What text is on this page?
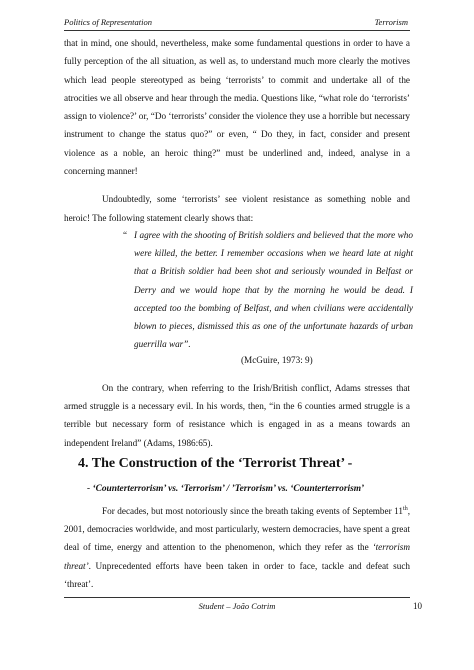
Politics of Representation	Terrorism

that in mind, one should, nevertheless, make some fundamental questions in order to have a fully perception of the all situation, as well as, to understand much more clearly the motives which lead people stereotyped as being ‘terrorists’ to commit and undertake all of the atrocities we all observe and hear through the media. Questions like, “what role do ‘terrorists’ assign to violence?’ or, “Do ‘terrorists’ consider the violence they use a horrible but necessary instrument to change the status quo?” or even, “ Do they, in fact, consider and present violence as a noble, an heroic thing?” must be underlined and, indeed, analyse in a concerning manner!

Undoubtedly, some ‘terrorists’ see violent resistance as something noble and heroic! The following statement clearly shows that:

“ I agree with the shooting of British soldiers and believed that the more who were killed, the better. I remember occasions when we heard late at night that a British soldier had been shot and seriously wounded in Belfast or Derry and we would hope that by the morning he would be dead. I accepted too the bombing of Belfast, and when civilians were accidentally blown to pieces, dismissed this as one of the unfortunate hazards of urban guerrilla war”.
(McGuire, 1973: 9)

On the contrary, when referring to the Irish/British conflict, Adams stresses that armed struggle is a necessary evil. In his words, then, “in the 6 counties armed struggle is a terrible but necessary form of resistance which is engaged in as a means towards an independent Ireland” (Adams, 1986:65).

4. The Construction of the ‘Terrorist Threat’ -
- ‘Counterterrorism’ vs. ‘Terrorism’ / ’Terrorism’ vs. ‘Counterterrorism’

For decades, but most notoriously since the breath taking events of September 11th, 2001, democracies worldwide, and most particularly, western democracies, have spent a great deal of time, energy and attention to the phenomenon, which they refer as the ‘terrorism threat’. Unprecedented efforts have been taken in order to face, tackle and defeat such ‘threat’.

Student – João Cotrim	10
